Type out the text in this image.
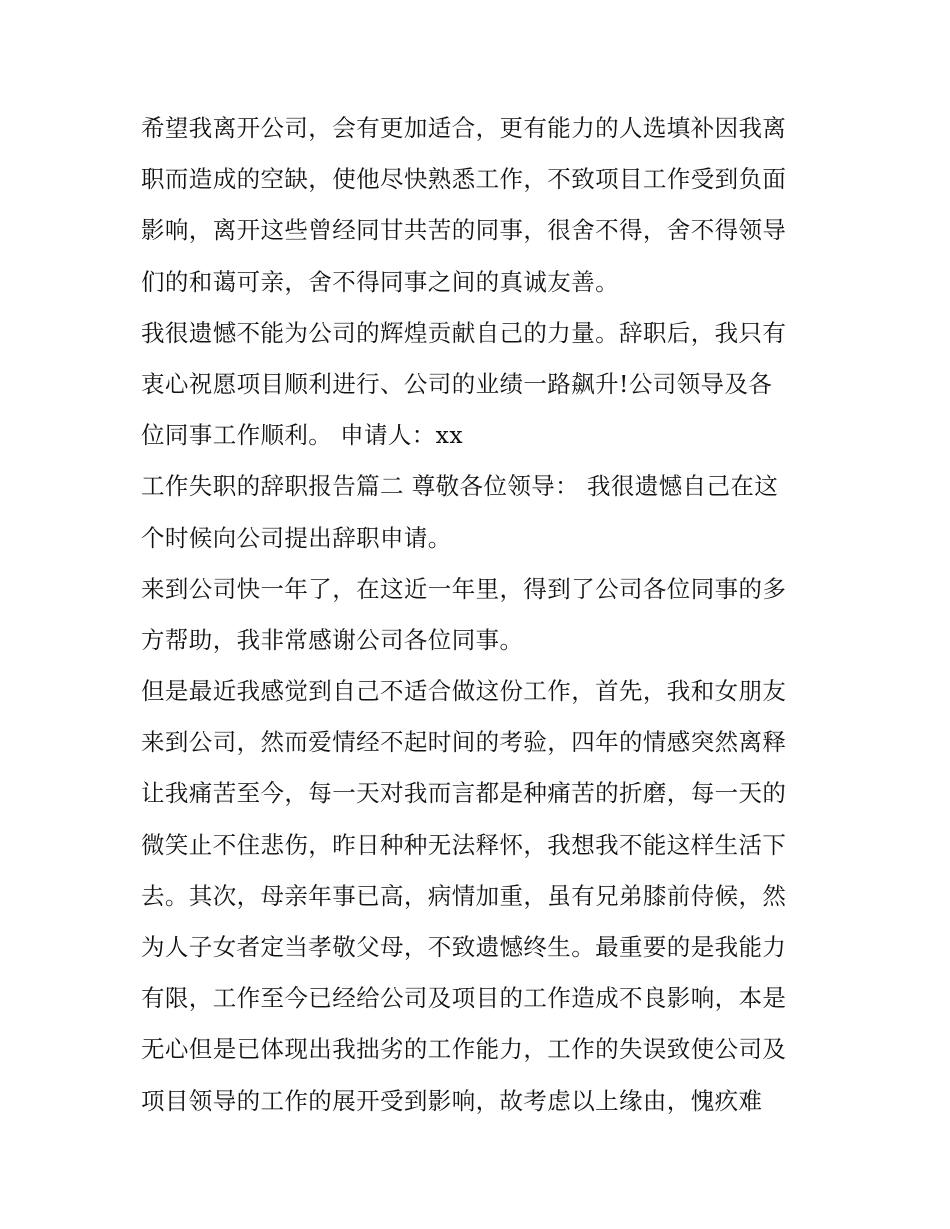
希望我离开公司，会有更加适合，更有能力的人选填补因我离
职而造成的空缺，使他尽快熟悉工作，不致项目工作受到负面
影响，离开这些曾经同甘共苦的同事，很舍不得，舍不得领导
们的和蔼可亲，舍不得同事之间的真诚友善。
我很遗憾不能为公司的辉煌贡献自己的力量。辞职后，我只有
衷心祝愿项目顺利进行、公司的业绩一路飙升!公司领导及各
位同事工作顺利。 申请人：xx
工作失职的辞职报告篇二 尊敬各位领导： 我很遗憾自己在这
个时候向公司提出辞职申请。
来到公司快一年了，在这近一年里，得到了公司各位同事的多
方帮助，我非常感谢公司各位同事。
但是最近我感觉到自己不适合做这份工作，首先，我和女朋友
来到公司，然而爱情经不起时间的考验，四年的情感突然离释
让我痛苦至今，每一天对我而言都是种痛苦的折磨，每一天的
微笑止不住悲伤，昨日种种无法释怀，我想我不能这样生活下
去。其次，母亲年事已高，病情加重，虽有兄弟膝前侍候，然
为人子女者定当孝敬父母，不致遗憾终生。最重要的是我能力
有限，工作至今已经给公司及项目的工作造成不良影响，本是
无心但是已体现出我拙劣的工作能力，工作的失误致使公司及
项目领导的工作的展开受到影响，故考虑以上缘由，愧疚难
